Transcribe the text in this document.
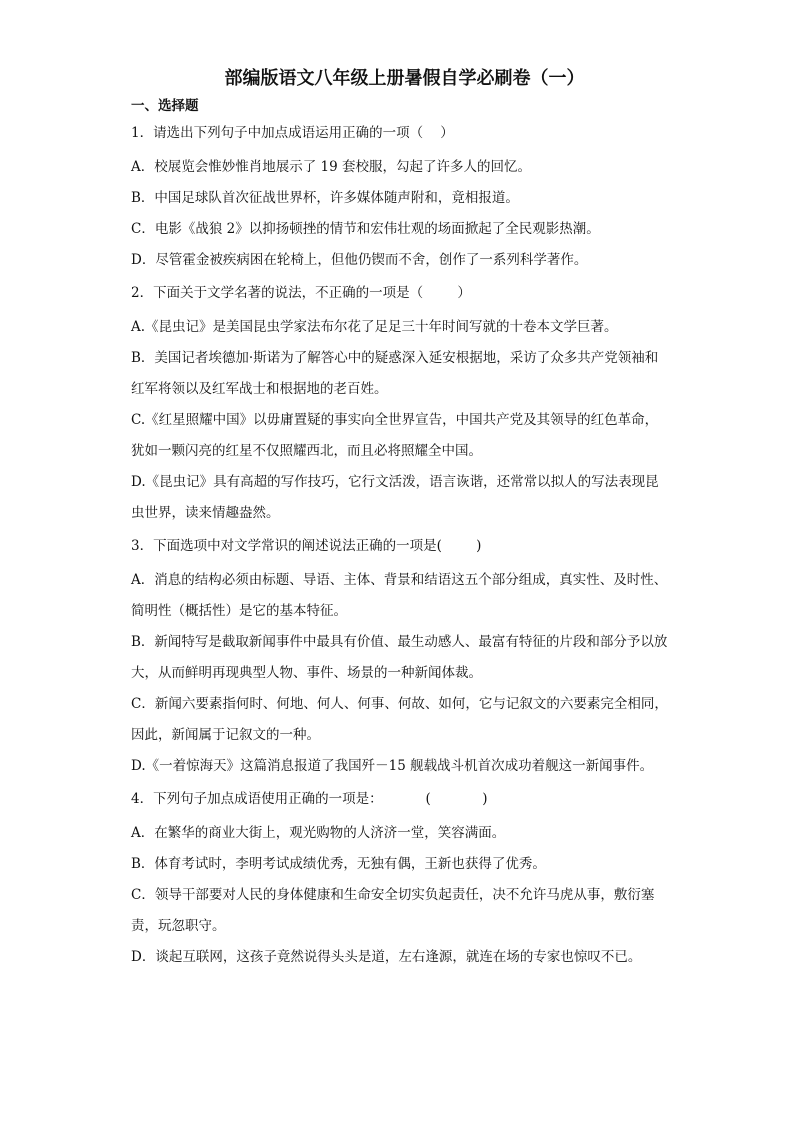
部编版语文八年级上册暑假自学必刷卷（一）
一、选择题
1．请选出下列句子中加点成语运用正确的一项（    ）
A．校展览会惟妙惟肖地展示了 19 套校服，勾起了许多人的回忆。
B．中国足球队首次征战世界杯，许多媒体随声附和，竟相报道。
C．电影《战狼 2》以抑扬顿挫的情节和宏伟壮观的场面掀起了全民观影热潮。
D．尽管霍金被疾病困在轮椅上，但他仍锲而不舍，创作了一系列科学著作。
2．下面关于文学名著的说法，不正确的一项是（        ）
A.《昆虫记》是美国昆虫学家法布尔花了足足三十年时间写就的十卷本文学巨著。
B．美国记者埃德加·斯诺为了解答心中的疑惑深入延安根据地，采访了众多共产党领袖和红军将领以及红军战士和根据地的老百姓。
C.《红星照耀中国》以毋庸置疑的事实向全世界宣告，中国共产党及其领导的红色革命，犹如一颗闪亮的红星不仅照耀西北，而且必将照耀全中国。
D.《昆虫记》具有高超的写作技巧，它行文活泼，语言诙谐，还常常以拟人的写法表现昆虫世界，读来情趣盎然。
3．下面选项中对文学常识的阐述说法正确的一项是(        )
A．消息的结构必须由标题、导语、主体、背景和结语这五个部分组成，真实性、及时性、简明性（概括性）是它的基本特征。
B．新闻特写是截取新闻事件中最具有价值、最生动感人、最富有特征的片段和部分予以放大，从而鲜明再现典型人物、事件、场景的一种新闻体裁。
C．新闻六要素指何时、何地、何人、何事、何故、如何，它与记叙文的六要素完全相同，因此，新闻属于记叙文的一种。
D.《一着惊海天》这篇消息报道了我国歼－15 舰载战斗机首次成功着舰这一新闻事件。
4．下列句子加点成语使用正确的一项是：          (            )
A．在繁华的商业大街上，观光购物的人济济一堂，笑容满面。
B．体育考试时，李明考试成绩优秀，无独有偶，王新也获得了优秀。
C．领导干部要对人民的身体健康和生命安全切实负起责任，决不允许马虎从事，敷衍塞责，玩忽职守。
D．谈起互联网，这孩子竟然说得头头是道，左右逢源，就连在场的专家也惊叹不已。
